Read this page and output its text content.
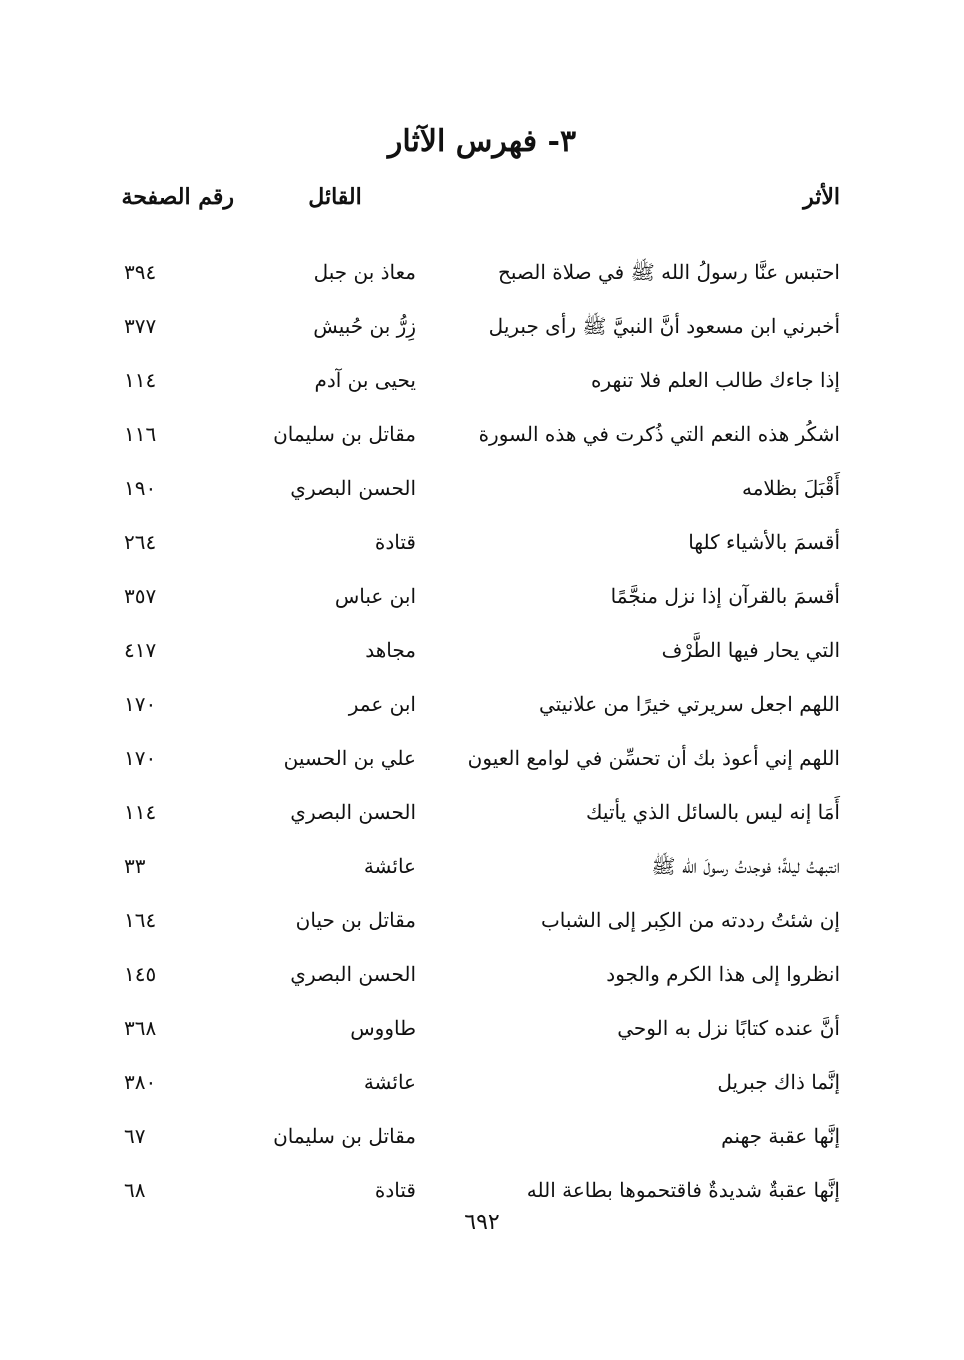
٣- فهرس الآثار
الأثر
القائل
رقم الصفحة
احتبس عنَّا رسولُ الله ﷺ في صلاة الصبح
معاذ بن جبل
٣٩٤
أخبرني ابن مسعود أنَّ النبيَّ ﷺ رأى جبريل
زِرُّ بن حُبيش
٣٧٧
إذا جاءك طالب العلم فلا تنهره
يحيى بن آدم
١١٤
اشكُر هذه النعم التي ذُكرت في هذه السورة
مقاتل بن سليمان
١١٦
أَقْبَلَ بظلامه
الحسن البصري
١٩٠
أقسمَ بالأشياء كلها
قتادة
٢٦٤
أقسمَ بالقرآن إذا نزل منجَّمًا
ابن عباس
٣٥٧
التي يحار فيها الطَّرْف
مجاهد
٤١٧
اللهم اجعل سريرتي خيرًا من علانيتي
ابن عمر
١٧٠
اللهم إني أعوذ بك أن تحسِّن في لوامع العيون
علي بن الحسين
١٧٠
أَمَا إنه ليس بالسائل الذي يأتيك
الحسن البصري
١١٤
انتبهتُ ليلةً؛ فوجدتُ رسولَ الله ﷺ
عائشة
٣٣
إن شئتُ رددته من الكِبر إلى الشباب
مقاتل بن حيان
١٦٤
انظروا إلى هذا الكرم والجود
الحسن البصري
١٤٥
أنَّ عنده كتابًا نزل به الوحي
طاووس
٣٦٨
إنَّما ذاك جبريل
عائشة
٣٨٠
إنَّها عقبة جهنم
مقاتل بن سليمان
٦٧
إنَّها عقبةٌ شديدةٌ فاقتحموها بطاعة الله
قتادة
٦٨
٦٩٢
